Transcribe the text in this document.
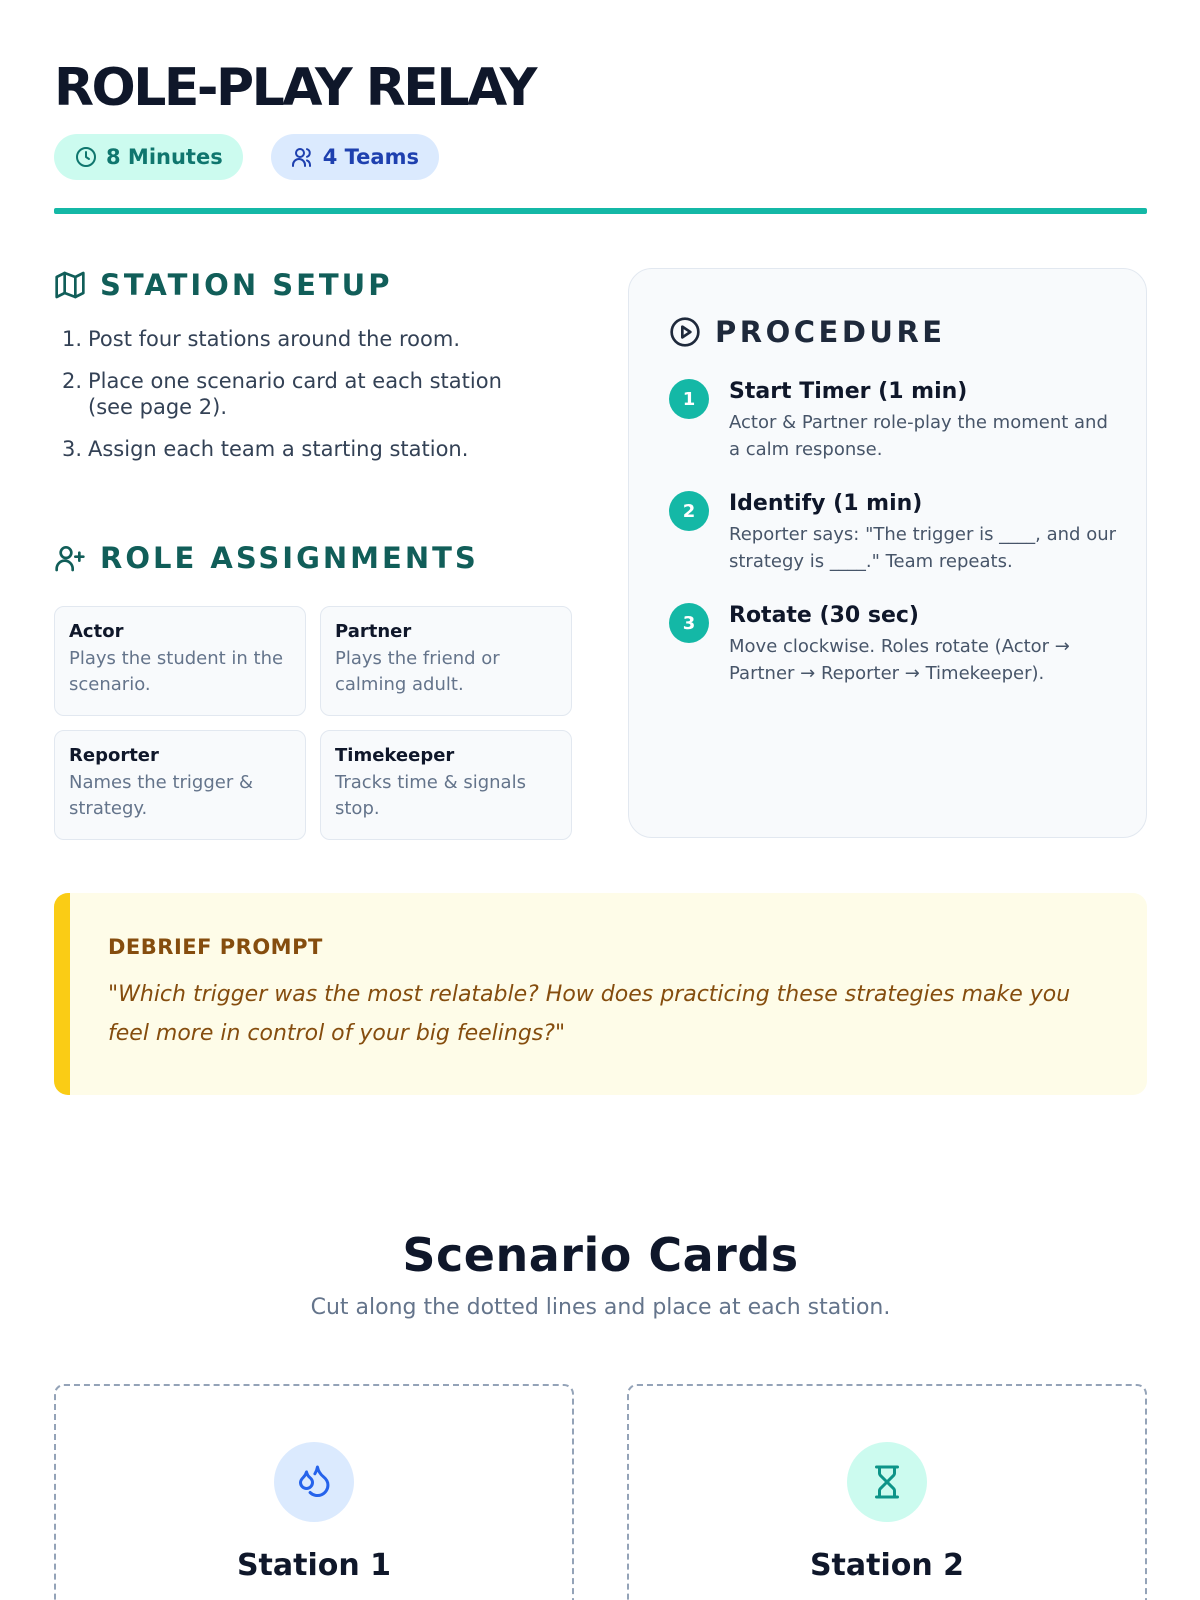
ROLE-PLAY RELAY
8 Minutes	4 Teams
STATION SETUP
1. Post four stations around the room.
2. Place one scenario card at each station (see page 2).
3. Assign each team a starting station.
ROLE ASSIGNMENTS
Actor
Plays the student in the scenario.
Partner
Plays the friend or calming adult.
Reporter
Names the trigger & strategy.
Timekeeper
Tracks time & signals stop.
PROCEDURE
1	Start Timer (1 min)
Actor & Partner role-play the moment and a calm response.
2	Identify (1 min)
Reporter says: "The trigger is ____, and our strategy is ____." Team repeats.
3	Rotate (30 sec)
Move clockwise. Roles rotate (Actor → Partner → Reporter → Timekeeper).
DEBRIEF PROMPT
"Which trigger was the most relatable? How does practicing these strategies make you feel more in control of your big feelings?"
Scenario Cards
Cut along the dotted lines and place at each station.
Station 1	Station 2
